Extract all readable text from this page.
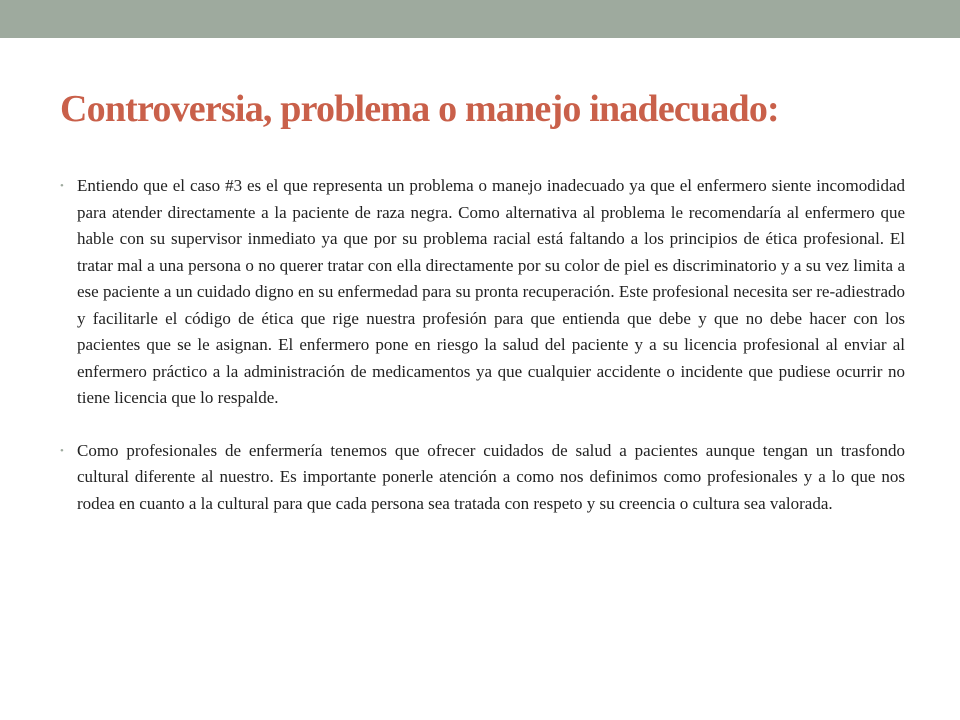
Controversia, problema o manejo inadecuado:
• Entiendo que el caso #3 es el que representa un problema o manejo inadecuado ya que el enfermero siente incomodidad para atender directamente a la paciente de raza negra. Como alternativa al problema le recomendaría al enfermero que hable con su supervisor inmediato ya que por su problema racial está faltando a los principios de ética profesional. El tratar mal a una persona o no querer tratar con ella directamente por su color de piel es discriminatorio y a su vez limita a ese paciente a un cuidado digno en su enfermedad para su pronta recuperación. Este profesional necesita ser re-adiestrado y facilitarle el código de ética que rige nuestra profesión para que entienda que debe y que no debe hacer con los pacientes que se le asignan. El enfermero pone en riesgo la salud del paciente y a su licencia profesional al enviar al enfermero práctico a la administración de medicamentos ya que cualquier accidente o incidente que pudiese ocurrir no tiene licencia que lo respalde.
• Como profesionales de enfermería tenemos que ofrecer cuidados de salud a pacientes aunque tengan un trasfondo cultural diferente al nuestro. Es importante ponerle atención a como nos definimos como profesionales y a lo que nos rodea en cuanto a la cultural para que cada persona sea tratada con respeto y su creencia o cultura sea valorada.
